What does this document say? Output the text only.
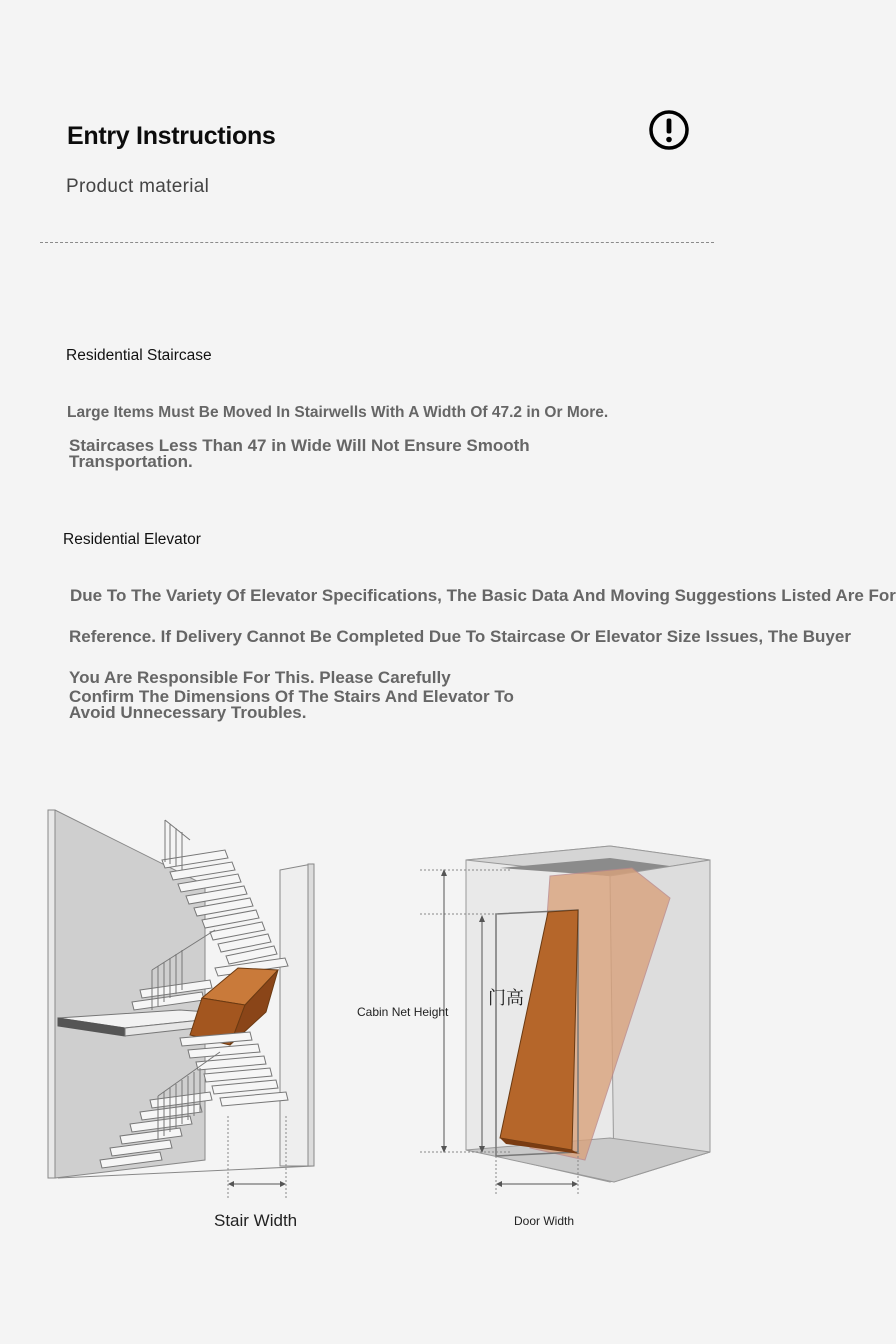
Entry Instructions
Product material
Residential Staircase
Large Items Must Be Moved In Stairwells With A Width Of 47.2 in Or More.
Staircases Less Than 47 in Wide Will Not Ensure Smooth
Transportation.
Residential Elevator
Due To The Variety Of Elevator Specifications, The Basic Data And Moving Suggestions Listed Are For
Reference. If Delivery Cannot Be Completed Due To Staircase Or Elevator Size Issues, The Buyer
You Are Responsible For This. Please Carefully
Confirm The Dimensions Of The Stairs And Elevator To
Avoid Unnecessary Troubles.
Stair Width
Cabin Net Height
门高
Door Width
